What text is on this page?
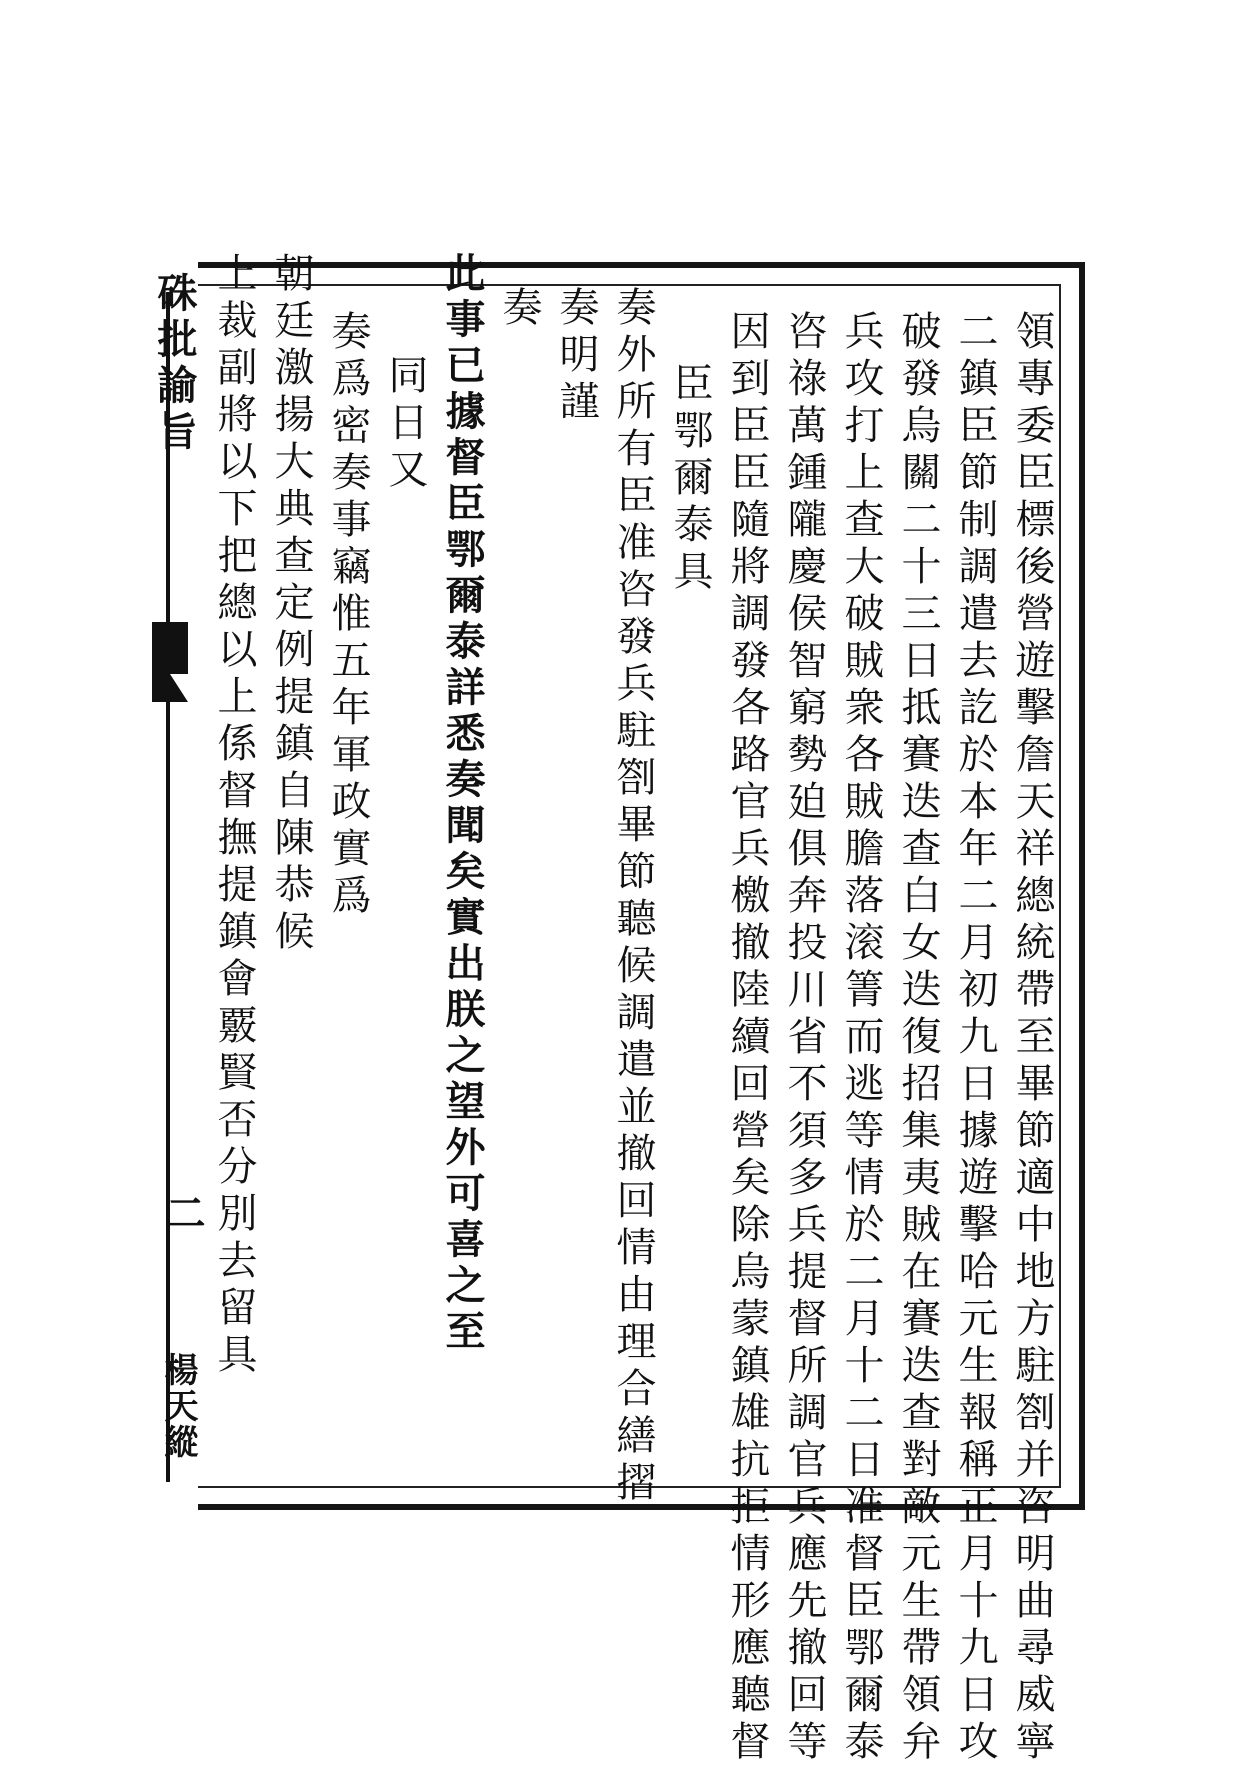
硃批諭旨
二
楊天縱	領專委臣標後營遊擊詹天祥總統帶至畢節適中地方駐劄并咨明曲尋威寧
二鎮臣節制調遣去訖於本年二月初九日據遊擊哈元生報稱正月十九日攻
破發烏關二十三日抵賽迭查白女迭復招集夷賊在賽迭查對敵元生帶領弁
兵攻打上查大破賊衆各賊膽落滚箐而逃等情於二月十二日准督臣鄂爾泰
咨祿萬鍾隴慶侯智窮勢廹俱奔投川省不須多兵提督所調官兵應先撤回等
因到臣臣隨將調發各路官兵檄撤陸續回營矣除烏蒙鎮雄抗拒情形應聽督
臣鄂爾泰具
奏外所有臣准咨發兵駐劄畢節聽候調遣並撤回情由理合繕摺
奏明謹
奏
此事已據督臣鄂爾泰詳悉奏聞矣實出朕之望外可喜之至
同日又
奏爲密奏事竊惟五年軍政實爲
朝廷激揚大典查定例提鎮自陳恭候
上裁副將以下把總以上係督撫提鎮會覈賢否分別去留具
